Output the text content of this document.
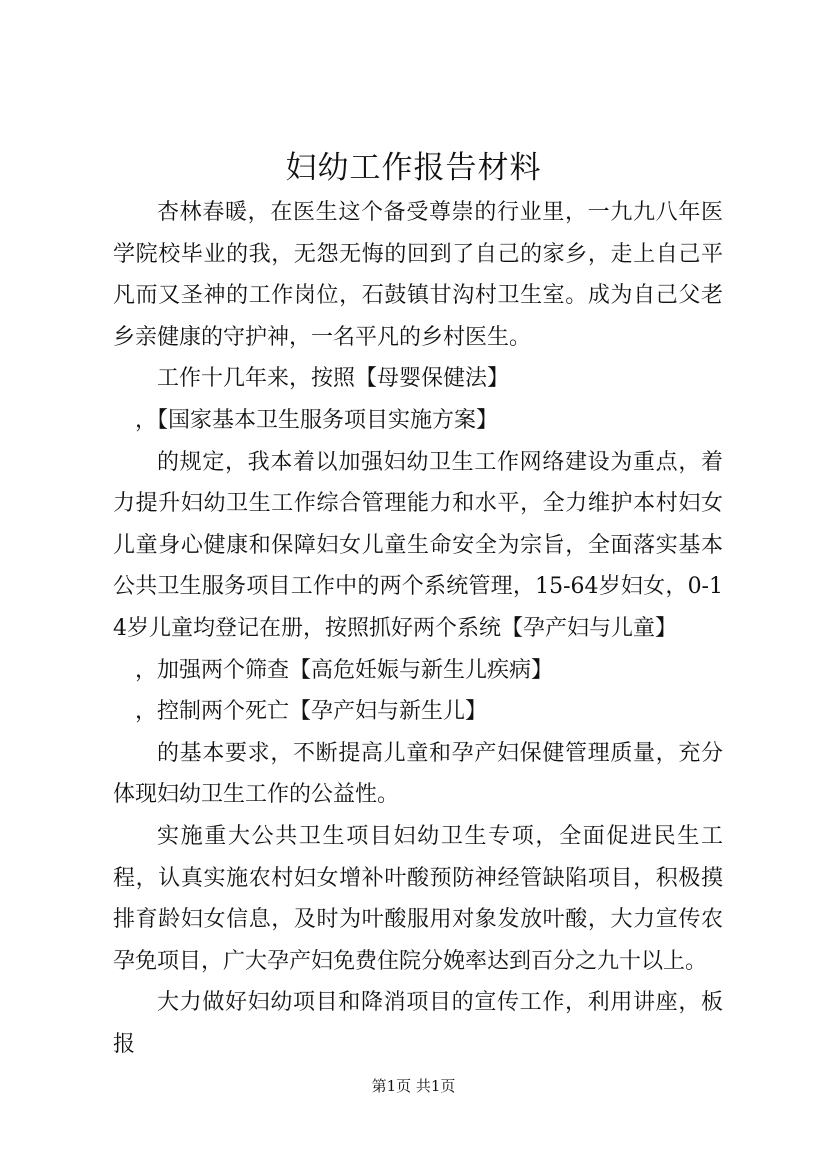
妇幼工作报告材料

杏林春暖，在医生这个备受尊崇的行业里，一九九八年医学院校毕业的我，无怨无悔的回到了自己的家乡，走上自己平凡而又圣神的工作岗位，石鼓镇甘沟村卫生室。成为自己父老乡亲健康的守护神，一名平凡的乡村医生。

工作十几年来，按照【母婴保健法】

，【国家基本卫生服务项目实施方案】

的规定，我本着以加强妇幼卫生工作网络建设为重点，着力提升妇幼卫生工作综合管理能力和水平，全力维护本村妇女儿童身心健康和保障妇女儿童生命安全为宗旨，全面落实基本公共卫生服务项目工作中的两个系统管理，15-64岁妇女，0-14岁儿童均登记在册，按照抓好两个系统【孕产妇与儿童】

，加强两个筛查【高危妊娠与新生儿疾病】

，控制两个死亡【孕产妇与新生儿】

的基本要求，不断提高儿童和孕产妇保健管理质量，充分体现妇幼卫生工作的公益性。

实施重大公共卫生项目妇幼卫生专项，全面促进民生工程，认真实施农村妇女增补叶酸预防神经管缺陷项目，积极摸排育龄妇女信息，及时为叶酸服用对象发放叶酸，大力宣传农孕免项目，广大孕产妇免费住院分娩率达到百分之九十以上。

大力做好妇幼项目和降消项目的宣传工作，利用讲座，板报

第1页 共1页
